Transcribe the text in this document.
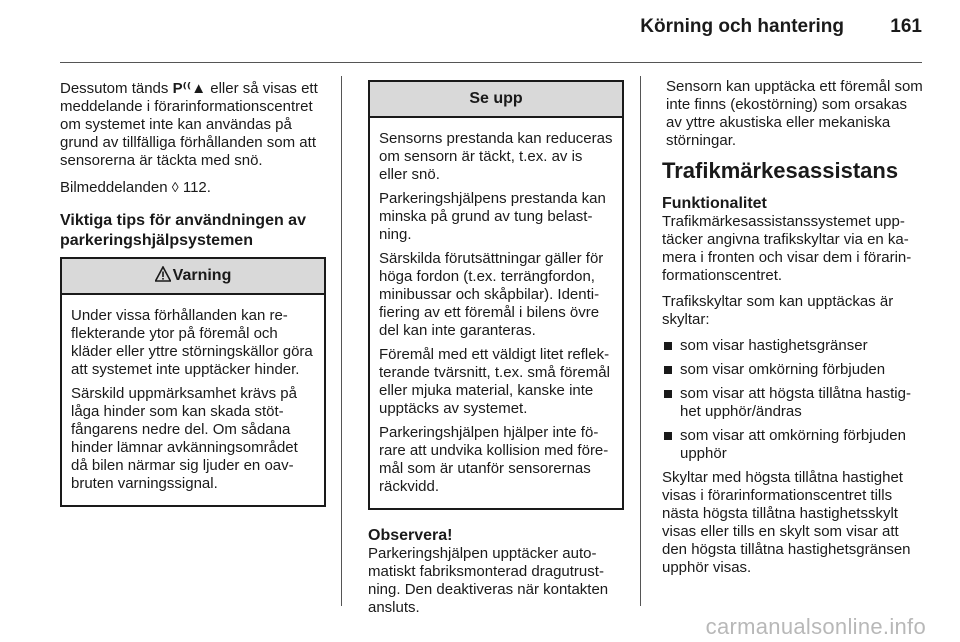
Körning och hantering	161

Dessutom tänds P⁽⁽▲ eller så visas ett meddelande i förarinformationscentret om systemet inte kan användas på grund av tillfälliga förhållanden som att sensorerna är täckta med snö.

Bilmeddelanden ◊ 112.

Viktiga tips för användningen av parkeringshjälpsystemen
Varning

Under vissa förhållanden kan reflekterande ytor på föremål och kläder eller yttre störningskällor göra att systemet inte upptäcker hinder.

Särskild uppmärksamhet krävs på låga hinder som kan skada stötfångarens nedre del. Om sådana hinder lämnar avkänningsområdet då bilen närmar sig ljuder en oavbruten varningssignal.

Se upp

Sensorns prestanda kan reduceras om sensorn är täckt, t.ex. av is eller snö.

Parkeringshjälpens prestanda kan minska på grund av tung belastning.

Särskilda förutsättningar gäller för höga fordon (t.ex. terrängfordon, minibussar och skåpbilar). Identifiering av ett föremål i bilens övre del kan inte garanteras.

Föremål med ett väldigt litet reflekterande tvärsnitt, t.ex. små föremål eller mjuka material, kanske inte upptäcks av systemet.

Parkeringshjälpen hjälper inte förare att undvika kollision med föremål som är utanför sensorernas räckvidd.

Observera!

Parkeringshjälpen upptäcker automatiskt fabriksmonterad dragutrustning. Den deaktiveras när kontakten ansluts.

Sensorn kan upptäcka ett föremål som inte finns (ekostörning) som orsakas av yttre akustiska eller mekaniska störningar.

Trafikmärkesassistans
Funktionalitet

Trafikmärkesassistanssystemet upptäcker angivna trafikskyltar via en kamera i fronten och visar dem i förarinformationscentret.

Trafikskyltar som kan upptäckas är skyltar:

som visar hastighetsgränser
som visar omkörning förbjuden
som visar att högsta tillåtna hastighet upphör/ändras
som visar att omkörning förbjuden upphör

Skyltar med högsta tillåtna hastighet visas i förarinformationscentret tills nästa högsta tillåtna hastighetsskylt visas eller tills en skylt som visar att den högsta tillåtna hastighetsgränsen upphör visas.

carmanualsonline.info
